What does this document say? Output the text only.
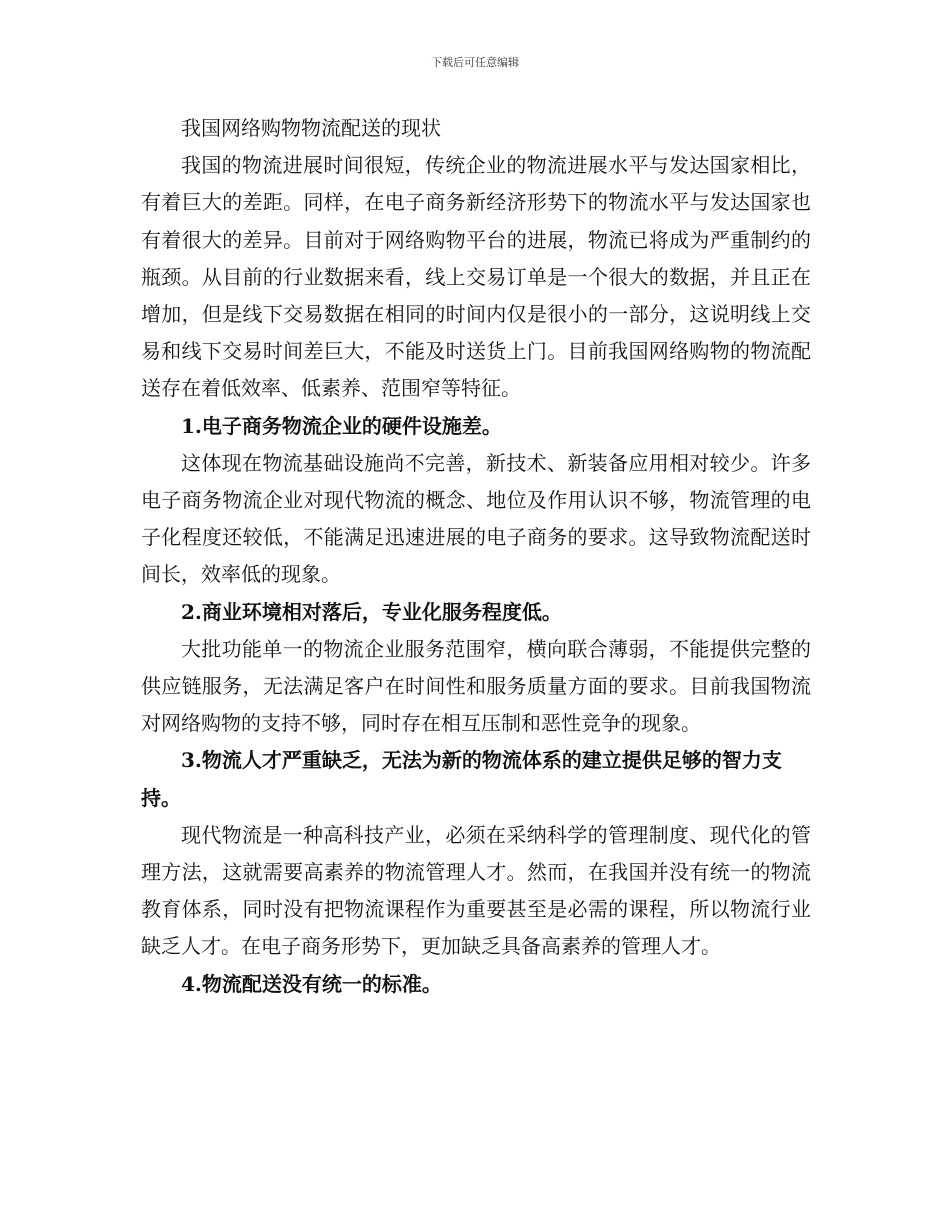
下载后可任意编辑

我国网络购物物流配送的现状

我国的物流进展时间很短，传统企业的物流进展水平与发达国家相比，有着巨大的差距。同样，在电子商务新经济形势下的物流水平与发达国家也有着很大的差异。目前对于网络购物平台的进展，物流已将成为严重制约的瓶颈。从目前的行业数据来看，线上交易订单是一个很大的数据，并且正在增加，但是线下交易数据在相同的时间内仅是很小的一部分，这说明线上交易和线下交易时间差巨大，不能及时送货上门。目前我国网络购物的物流配送存在着低效率、低素养、范围窄等特征。

1.电子商务物流企业的硬件设施差。

这体现在物流基础设施尚不完善，新技术、新装备应用相对较少。许多电子商务物流企业对现代物流的概念、地位及作用认识不够，物流管理的电子化程度还较低，不能满足迅速进展的电子商务的要求。这导致物流配送时间长，效率低的现象。

2.商业环境相对落后，专业化服务程度低。

大批功能单一的物流企业服务范围窄，横向联合薄弱，不能提供完整的供应链服务，无法满足客户在时间性和服务质量方面的要求。目前我国物流对网络购物的支持不够，同时存在相互压制和恶性竞争的现象。

3.物流人才严重缺乏，无法为新的物流体系的建立提供足够的智力支持。

现代物流是一种高科技产业，必须在采纳科学的管理制度、现代化的管理方法，这就需要高素养的物流管理人才。然而，在我国并没有统一的物流教育体系，同时没有把物流课程作为重要甚至是必需的课程，所以物流行业缺乏人才。在电子商务形势下，更加缺乏具备高素养的管理人才。

4.物流配送没有统一的标准。
